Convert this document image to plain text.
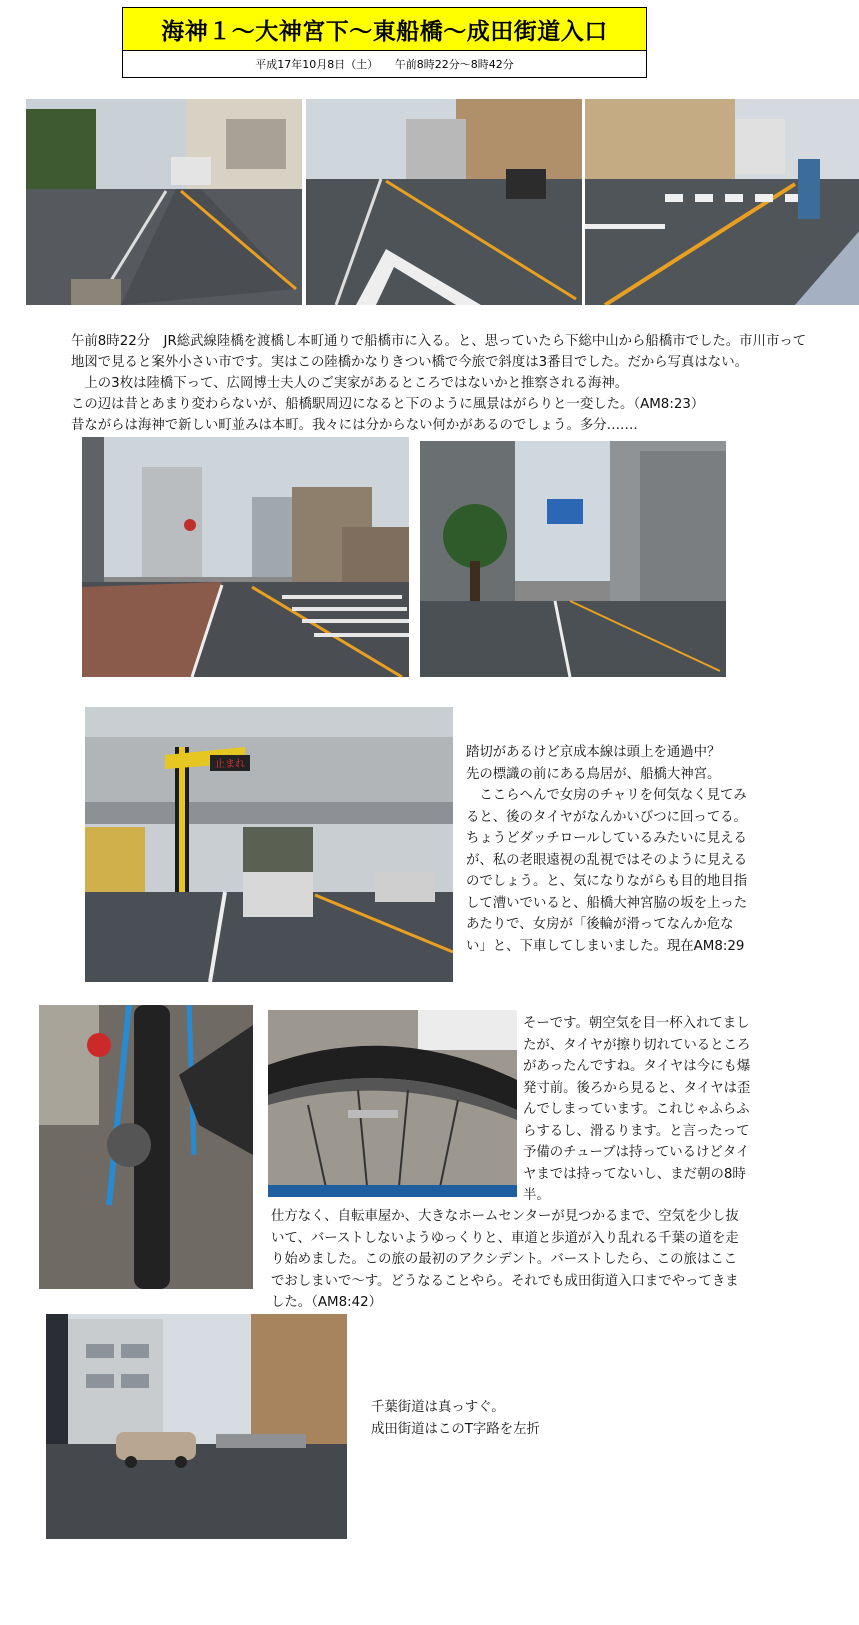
海神１～大神宮下～東船橋～成田街道入口
平成17年10月8日（土）　　午前8時22分～8時42分

午前8時22分　JR総武線陸橋を渡橋し本町通りで船橋市に入る。と、思っていたら下総中山から船橋市でした。市川市って

地図で見ると案外小さい市です。実はこの陸橋かなりきつい橋で今旅で斜度は3番目でした。だから写真はない。

　上の3枚は陸橋下って、広岡博士夫人のご実家があるところではないかと推察される海神。

この辺は昔とあまり変わらないが、船橋駅周辺になると下のように風景はがらりと一変した。（AM8:23）

昔ながらは海神で新しい町並みは本町。我々には分からない何かがあるのでしょう。多分…….

止まれ

踏切があるけど京成本線は頭上を通過中？

先の標識の前にある鳥居が、船橋大神宮。

　ここらへんで女房のチャリを何気なく見てみ

ると、後のタイヤがなんかいびつに回ってる。

ちょうどダッチロールしているみたいに見える

が、私の老眼遠視の乱視ではそのように見える

のでしょう。と、気になりながらも目的地目指

して漕いでいると、船橋大神宮脇の坂を上った

あたりで、女房が「後輪が滑ってなんか危な

い」と、下車してしまいました。現在AM8:29

そーです。朝空気を目一杯入れてまし

たが、タイヤが擦り切れているところ

があったんですね。タイヤは今にも爆

発寸前。後ろから見ると、タイヤは歪

んでしまっています。これじゃふらふ

らするし、滑るります。と言ったって

予備のチューブは持っているけどタイ

ヤまでは持ってないし、まだ朝の8時

半。

仕方なく、自転車屋か、大きなホームセンターが見つかるまで、空気を少し抜

いて、バーストしないようゆっくりと、車道と歩道が入り乱れる千葉の道を走

り始めました。この旅の最初のアクシデント。バーストしたら、この旅はここ

でおしまいで～す。どうなることやら。それでも成田街道入口までやってきま

した。（AM8:42）

千葉街道は真っすぐ。

成田街道はこのT字路を左折
